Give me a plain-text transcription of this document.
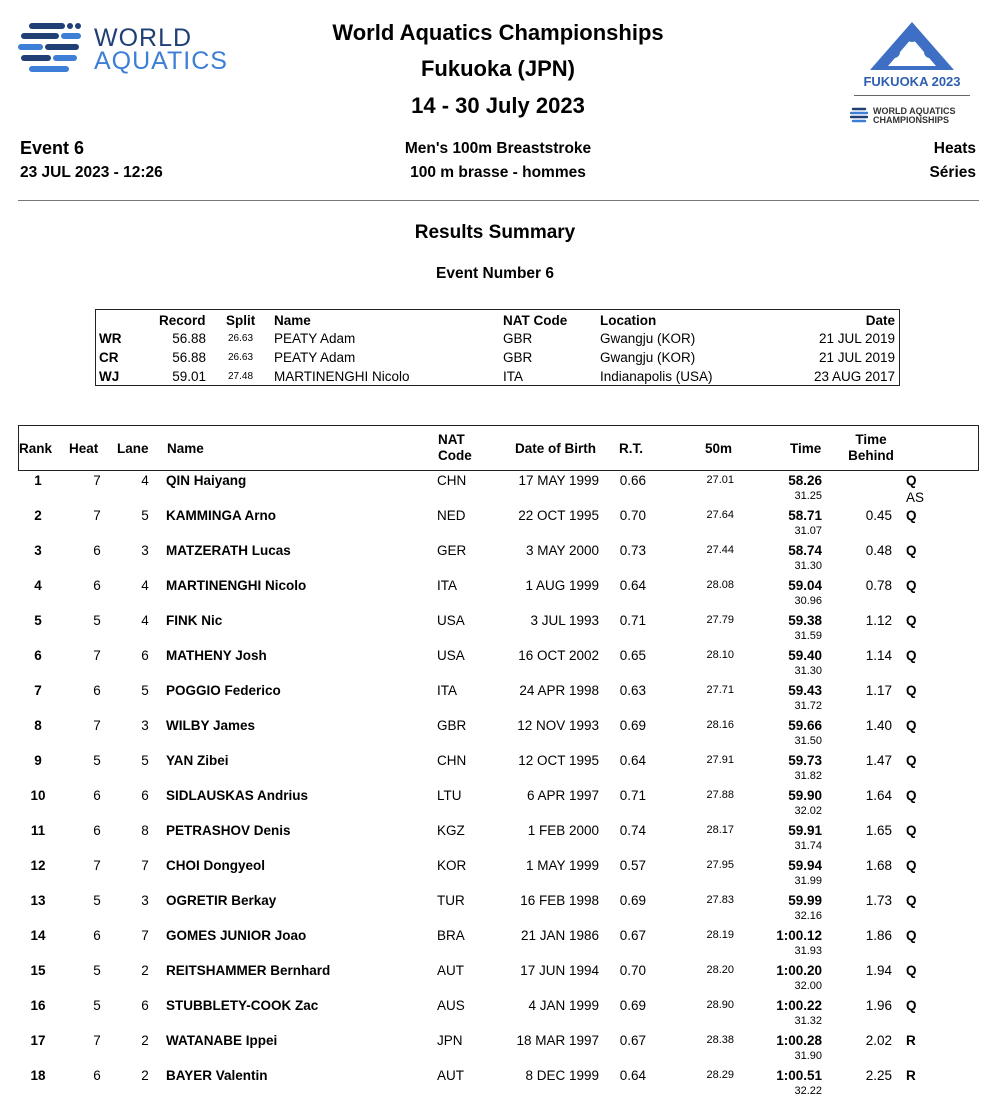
WORLD
AQUATICS
World Aquatics Championships
Fukuoka (JPN)
14 - 30 July 2023
FUKUOKA 2023
WORLD AQUATICS
CHAMPIONSHIPS
Event 6
23 JUL 2023 - 12:26
Men's 100m Breaststroke
100 m brasse - hommes
Heats
Séries
Results Summary
Event Number 6
Record Split Name	NAT Code Location	Date
WR	56.88 26.63 PEATY Adam	GBR	Gwangju (KOR)	21 JUL 2019
CR	56.88 26.63 PEATY Adam	GBR	Gwangju (KOR)	21 JUL 2019
WJ	59.01 27.48 MARTINENGHI Nicolo	ITA	Indianapolis (USA)	23 AUG 2017
Rank Heat Lane Name
NAT
Code	Date of Birth R.T.	50m	Time
Time
Behind
1	7	4	QIN Haiyang	CHN	17 MAY 1999	0.66	27.01	58.26
31.25
Q
AS
2	7	5	KAMMINGA Arno	NED	22 OCT 1995	0.70	27.64	58.71
31.07
0.45 Q
3	6	3	MATZERATH Lucas	GER	3 MAY 2000	0.73	27.44	58.74
31.30
0.48 Q
4	6	4	MARTINENGHI Nicolo	ITA	1 AUG 1999	0.64	28.08	59.04
30.96
0.78 Q
5	5	4	FINK Nic	USA	3 JUL 1993	0.71	27.79	59.38
31.59
1.12 Q
6	7	6	MATHENY Josh	USA	16 OCT 2002	0.65	28.10	59.40
31.30
1.14 Q
7	6	5	POGGIO Federico	ITA	24 APR 1998	0.63	27.71	59.43
31.72
1.17 Q
8	7	3	WILBY James	GBR	12 NOV 1993	0.69	28.16	59.66
31.50
1.40 Q
9	5	5	YAN Zibei	CHN	12 OCT 1995	0.64	27.91	59.73
31.82
1.47 Q
10	6	6	SIDLAUSKAS Andrius	LTU	6 APR 1997	0.71	27.88	59.90
32.02
1.64 Q
11	6	8	PETRASHOV Denis	KGZ	1 FEB 2000	0.74	28.17	59.91
31.74
1.65 Q
12	7	7	CHOI Dongyeol	KOR	1 MAY 1999	0.57	27.95	59.94
31.99
1.68 Q
13	5	3	OGRETIR Berkay	TUR	16 FEB 1998	0.69	27.83	59.99
32.16
1.73 Q
14	6	7	GOMES JUNIOR Joao	BRA	21 JAN 1986	0.67	28.19	1:00.12
31.93
1.86 Q
15	5	2	REITSHAMMER Bernhard	AUT	17 JUN 1994	0.70	28.20	1:00.20
32.00
1.94 Q
16	5	6	STUBBLETY-COOK Zac	AUS	4 JAN 1999	0.69	28.90	1:00.22
31.32
1.96 Q
17	7	2	WATANABE Ippei	JPN	18 MAR 1997	0.67	28.38	1:00.28
31.90
2.02 R
18	6	2	BAYER Valentin	AUT	8 DEC 1999	0.64	28.29	1:00.51
32.22
2.25 R
